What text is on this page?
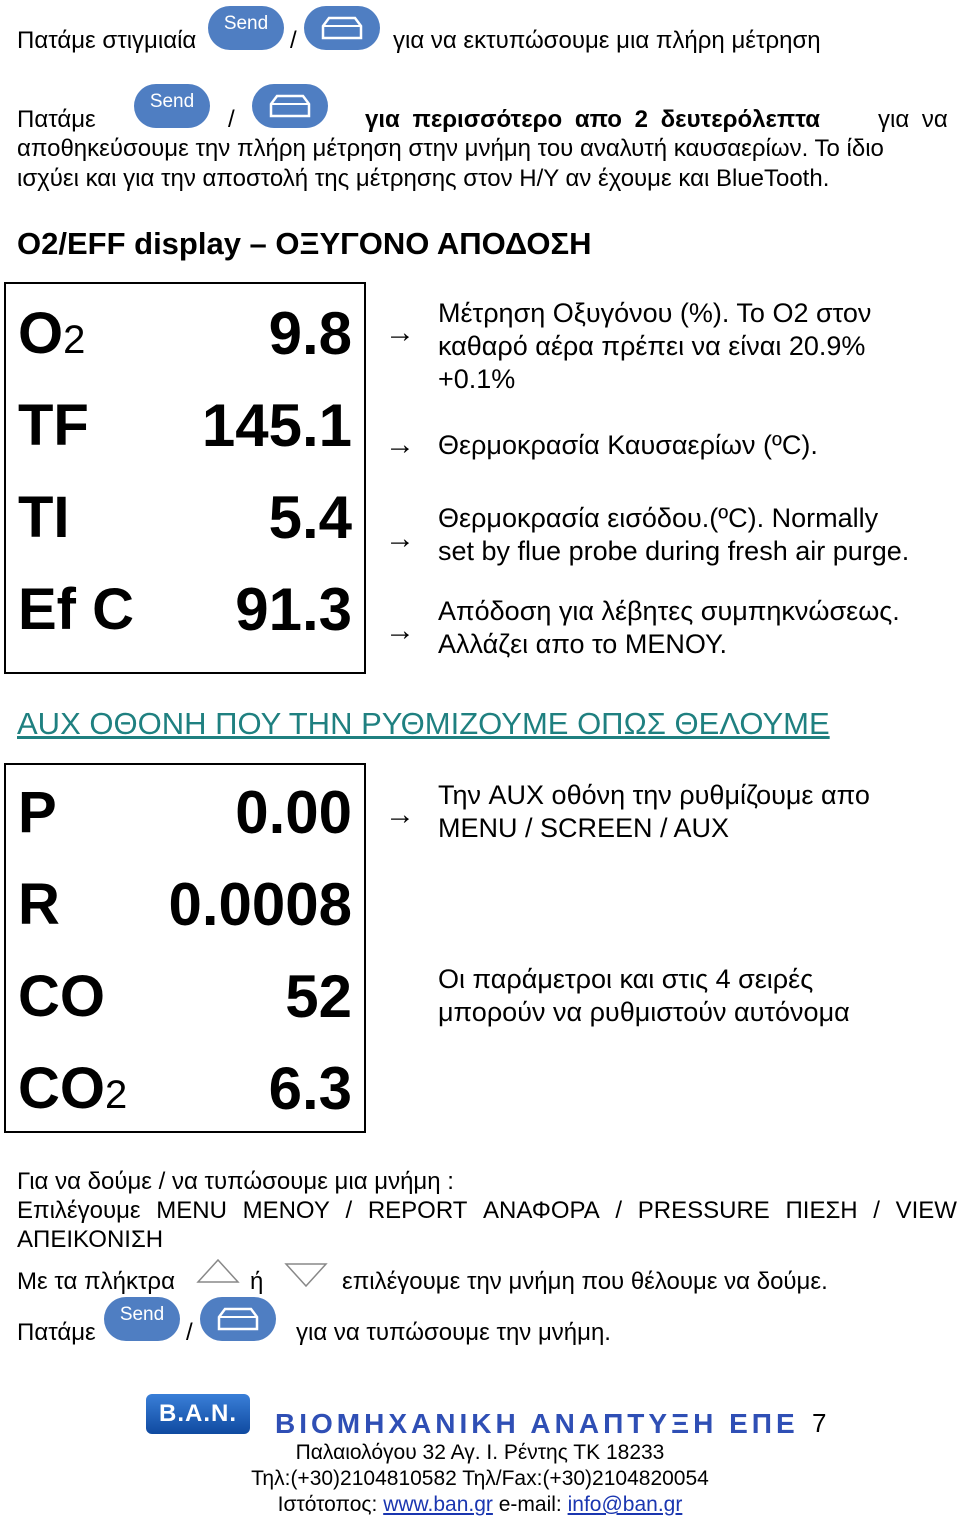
Πατάμε στιγμιαία
Send
/	για να εκτυπώσουμε μια πλήρη μέτρηση
Πατάμε
Send
/	για περισσότερο απο 2 δευτερόλεπτα για να
αποθηκεύσουμε την πλήρη μέτρηση στην μνήμη του αναλυτή καυσαερίων. Το ίδιο
ισχύει και για την αποστολή της μέτρησης στον Η/Υ αν έχουμε και BlueTooth.
O2/EFF display – ΟΞΥΓΟΝΟ ΑΠΟΔΟΣΗ
O2	9.8
TF 145.1
TI	5.4
Ef C 91.3
→
→
→
→
Μέτρηση Οξυγόνου (%). Το Ο2 στον
καθαρό αέρα πρέπει να είναι 20.9%
+0.1%
Θερμοκρασία Καυσαερίων (ºC).
Θερμοκρασία εισόδου.(ºC). Normally
set by flue probe during fresh air purge.
Απόδοση για λέβητες συμπηκνώσεως.
Αλλάζει απο το ΜΕΝΟΥ.
AUX ΟΘΟΝΗ ΠΟΥ ΤΗΝ ΡΥΘΜΙΖΟΥΜΕ ΟΠΩΣ ΘΕΛΟΥΜΕ
P	0.00
R 0.0008
CO	52
CO2 6.3
→
Την AUX οθόνη την ρυθμίζουμε απο
MENU / SCREEN / AUX
Οι παράμετροι και στις 4 σειρές
μπορούν να ρυθμιστούν αυτόνομα
Για να δούμε / να τυπώσουμε μια μνήμη :
Επιλέγουμε MENU ΜΕΝΟΥ / REPORT ΑΝΑΦΟΡΑ / PRESSURE ΠΙΕΣΗ / VIEW
ΑΠΕΙΚΟΝΙΣΗ
Με τα πλήκτρα	ή	επιλέγουμε την μνήμη που θέλουμε να δούμε.
Πατάμε
Send
/	για να τυπώσουμε την μνήμη.
B.A.N.	ΒΙΟΜΗΧΑΝΙΚΗ ΑΝΑΠΤΥΞΗ ΕΠΕ 7
Παλαιολόγου 32 Αγ. Ι. Ρέντης ΤΚ 18233
Τηλ:(+30)2104810582 Τηλ/Fax:(+30)2104820054
Ιστότοπος: www.ban.gr e-mail: info@ban.gr
